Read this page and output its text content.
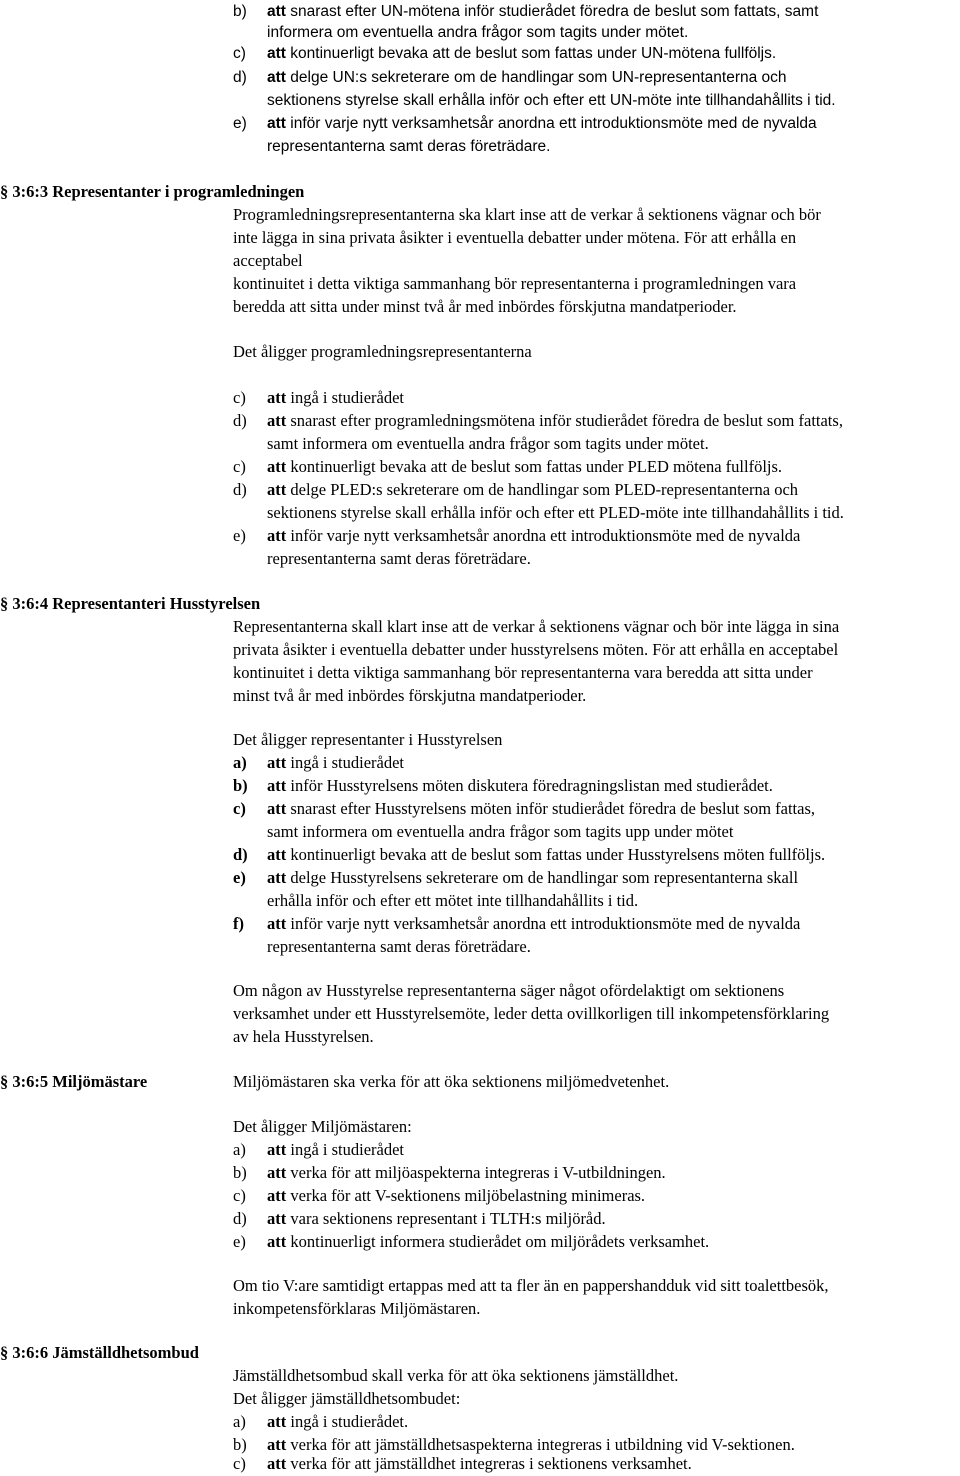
b) att snarast efter UN-mötena inför studierådet föredra de beslut som fattats, samt
informera om eventuella andra frågor som tagits under mötet.
c) att kontinuerligt bevaka att de beslut som fattas under UN-mötena fullföljs.
d) att delge UN:s sekreterare om de handlingar som UN-representanterna och
sektionens styrelse skall erhålla inför och efter ett UN-möte inte tillhandahållits i tid.
e) att inför varje nytt verksamhetsår anordna ett introduktionsmöte med de nyvalda
representanterna samt deras företrädare.
§ 3:6:3 Representanter i programledningen
Programledningsrepresentanterna ska klart inse att de verkar å sektionens vägnar och bör
inte lägga in sina privata åsikter i eventuella debatter under mötena. För att erhålla en
acceptabel
kontinuitet i detta viktiga sammanhang bör representanterna i programledningen vara
beredda att sitta under minst två år med inbördes förskjutna mandatperioder.
Det åligger programledningsrepresentanterna
c) att ingå i studierådet
d) att snarast efter programledningsmötena inför studierådet föredra de beslut som fattats,
samt informera om eventuella andra frågor som tagits under mötet.
c) att kontinuerligt bevaka att de beslut som fattas under PLED mötena fullföljs.
d) att delge PLED:s sekreterare om de handlingar som PLED-representanterna och
sektionens styrelse skall erhålla inför och efter ett PLED-möte inte tillhandahållits i tid.
e) att inför varje nytt verksamhetsår anordna ett introduktionsmöte med de nyvalda
representanterna samt deras företrädare.
§ 3:6:4 Representanteri Husstyrelsen
Representanterna skall klart inse att de verkar å sektionens vägnar och bör inte lägga in sina
privata åsikter i eventuella debatter under husstyrelsens möten. För att erhålla en acceptabel
kontinuitet i detta viktiga sammanhang bör representanterna vara beredda att sitta under
minst två år med inbördes förskjutna mandatperioder.
Det åligger representanter i Husstyrelsen
a) att ingå i studierådet
b) att inför Husstyrelsens möten diskutera föredragningslistan med studierådet.
c) att snarast efter Husstyrelsens möten inför studierådet föredra de beslut som fattas,
samt informera om eventuella andra frågor som tagits upp under mötet
d) att kontinuerligt bevaka att de beslut som fattas under Husstyrelsens möten fullföljs.
e) att delge Husstyrelsens sekreterare om de handlingar som representanterna skall
erhålla inför och efter ett mötet inte tillhandahållits i tid.
f) att inför varje nytt verksamhetsår anordna ett introduktionsmöte med de nyvalda
representanterna samt deras företrädare.
Om någon av Husstyrelse representanterna säger något ofördelaktigt om sektionens
verksamhet under ett Husstyrelsemöte, leder detta ovillkorligen till inkompetensförklaring
av hela Husstyrelsen.
§ 3:6:5 Miljömästare	Miljömästaren ska verka för att öka sektionens miljömedvetenhet.
Det åligger Miljömästaren:
a) att ingå i studierådet
b) att verka för att miljöaspekterna integreras i V-utbildningen.
c) att verka för att V-sektionens miljöbelastning minimeras.
d) att vara sektionens representant i TLTH:s miljöråd.
e) att kontinuerligt informera studierådet om miljörådets verksamhet.
Om tio V:are samtidigt ertappas med att ta fler än en pappershandduk vid sitt toalettbesök,
inkompetensförklaras Miljömästaren.
§ 3:6:6 Jämställdhetsombud
Jämställdhetsombud skall verka för att öka sektionens jämställdhet.
Det åligger jämställdhetsombudet:
a) att ingå i studierådet.
b) att verka för att jämställdhetsaspekterna integreras i utbildning vid V-sektionen.
c) att verka för att jämställdhet integreras i sektionens verksamhet.
